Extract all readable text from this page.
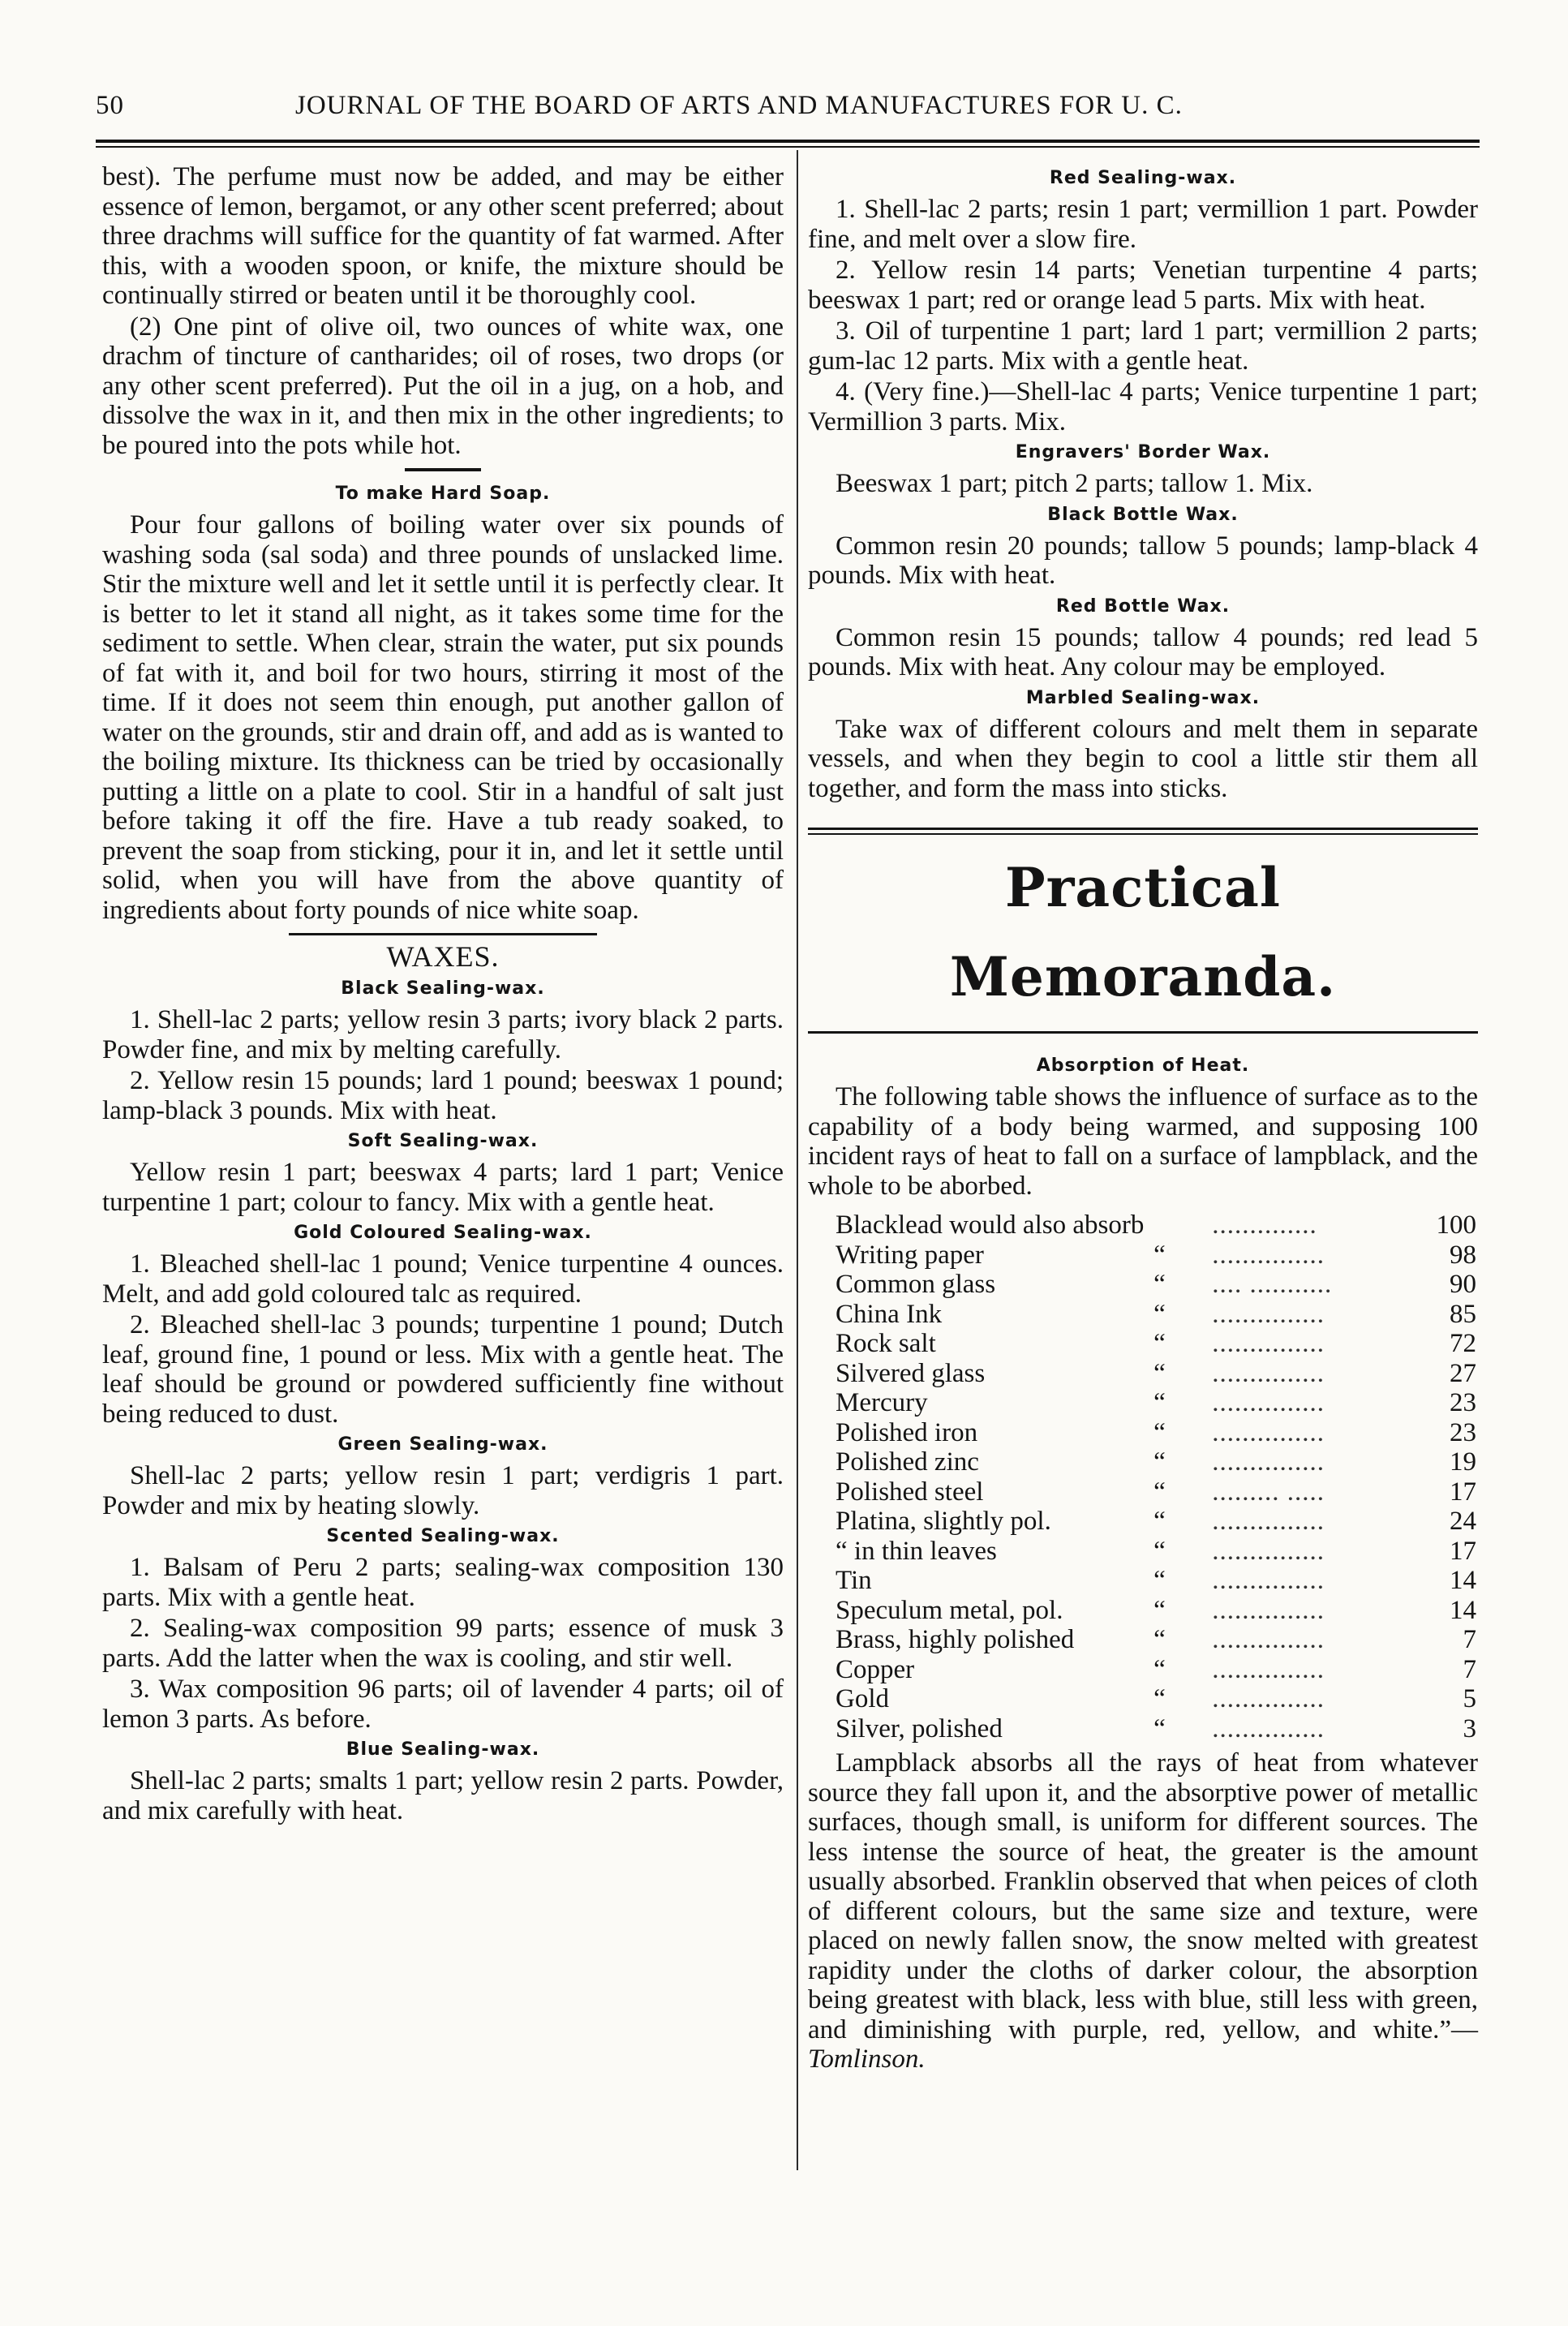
50	JOURNAL OF THE BOARD OF ARTS AND MANUFACTURES FOR U. C.

best). The perfume must now be added, and may be either essence of lemon, bergamot, or any other scent preferred; about three drachms will suffice for the quantity of fat warmed. After this, with a wooden spoon, or knife, the mixture should be continually stirred or beaten until it be thoroughly cool.

(2) One pint of olive oil, two ounces of white wax, one drachm of tincture of cantharides; oil of roses, two drops (or any other scent preferred). Put the oil in a jug, on a hob, and dissolve the wax in it, and then mix in the other ingredients; to be poured into the pots while hot.

To make Hard Soap.

Pour four gallons of boiling water over six pounds of washing soda (sal soda) and three pounds of unslacked lime. Stir the mixture well and let it settle until it is perfectly clear. It is better to let it stand all night, as it takes some time for the sediment to settle. When clear, strain the water, put six pounds of fat with it, and boil for two hours, stirring it most of the time. If it does not seem thin enough, put another gallon of water on the grounds, stir and drain off, and add as is wanted to the boiling mixture. Its thickness can be tried by occasionally putting a little on a plate to cool. Stir in a handful of salt just before taking it off the fire. Have a tub ready soaked, to prevent the soap from sticking, pour it in, and let it settle until solid, when you will have from the above quantity of ingredients about forty pounds of nice white soap.

WAXES.
Black Sealing-wax.

1. Shell-lac 2 parts; yellow resin 3 parts; ivory black 2 parts. Powder fine, and mix by melting carefully.

2. Yellow resin 15 pounds; lard 1 pound; beeswax 1 pound; lamp-black 3 pounds. Mix with heat.

Soft Sealing-wax.

Yellow resin 1 part; beeswax 4 parts; lard 1 part; Venice turpentine 1 part; colour to fancy. Mix with a gentle heat.

Gold Coloured Sealing-wax.

1. Bleached shell-lac 1 pound; Venice turpentine 4 ounces. Melt, and add gold coloured talc as required.

2. Bleached shell-lac 3 pounds; turpentine 1 pound; Dutch leaf, ground fine, 1 pound or less. Mix with a gentle heat. The leaf should be ground or powdered sufficiently fine without being reduced to dust.

Green Sealing-wax.

Shell-lac 2 parts; yellow resin 1 part; verdigris 1 part. Powder and mix by heating slowly.

Scented Sealing-wax.

1. Balsam of Peru 2 parts; sealing-wax composition 130 parts. Mix with a gentle heat.

2. Sealing-wax composition 99 parts; essence of musk 3 parts. Add the latter when the wax is cooling, and stir well.

3. Wax composition 96 parts; oil of lavender 4 parts; oil of lemon 3 parts. As before.

Blue Sealing-wax.

Shell-lac 2 parts; smalts 1 part; yellow resin 2 parts. Powder, and mix carefully with heat.

Red Sealing-wax.

1. Shell-lac 2 parts; resin 1 part; vermillion 1 part. Powder fine, and melt over a slow fire.

2. Yellow resin 14 parts; Venetian turpentine 4 parts; beeswax 1 part; red or orange lead 5 parts. Mix with heat.

3. Oil of turpentine 1 part; lard 1 part; vermillion 2 parts; gum-lac 12 parts. Mix with a gentle heat.

4. (Very fine.)—Shell-lac 4 parts; Venice turpentine 1 part; Vermillion 3 parts. Mix.

Engravers' Border Wax.

Beeswax 1 part; pitch 2 parts; tallow 1. Mix.

Black Bottle Wax.

Common resin 20 pounds; tallow 5 pounds; lamp-black 4 pounds. Mix with heat.

Red Bottle Wax.

Common resin 15 pounds; tallow 4 pounds; red lead 5 pounds. Mix with heat. Any colour may be employed.

Marbled Sealing-wax.

Take wax of different colours and melt them in separate vessels, and when they begin to cool a little stir them all together, and form the mass into sticks.

Practical Memoranda.
Absorption of Heat.

The following table shows the influence of surface as to the capability of a body being warmed, and supposing 100 incident rays of heat to fall on a surface of lampblack, and the whole to be aborbed.

Blacklead would also absorb		..............	100
Writing paper	“	...............	98
Common glass	“	.... ...........	90
China Ink	“	...............	85
Rock salt	“	...............	72
Silvered glass	“	...............	27
Mercury	“	...............	23
Polished iron	“	...............	23
Polished zinc	“	...............	19
Polished steel	“	......... .....	17
Platina, slightly pol.	“	...............	24
“ in thin leaves	“	...............	17
Tin	“	...............	14
Speculum metal, pol.	“	...............	14
Brass, highly polished	“	...............	7
Copper	“	...............	7
Gold	“	...............	5
Silver, polished	“	...............	3

Lampblack absorbs all the rays of heat from whatever source they fall upon it, and the absorptive power of metallic surfaces, though small, is uniform for different sources. The less intense the source of heat, the greater is the amount usually absorbed. Franklin observed that when peices of cloth of different colours, but the same size and texture, were placed on newly fallen snow, the snow melted with greatest rapidity under the cloths of darker colour, the absorption being greatest with black, less with blue, still less with green, and diminishing with purple, red, yellow, and white.”—Tomlinson.
